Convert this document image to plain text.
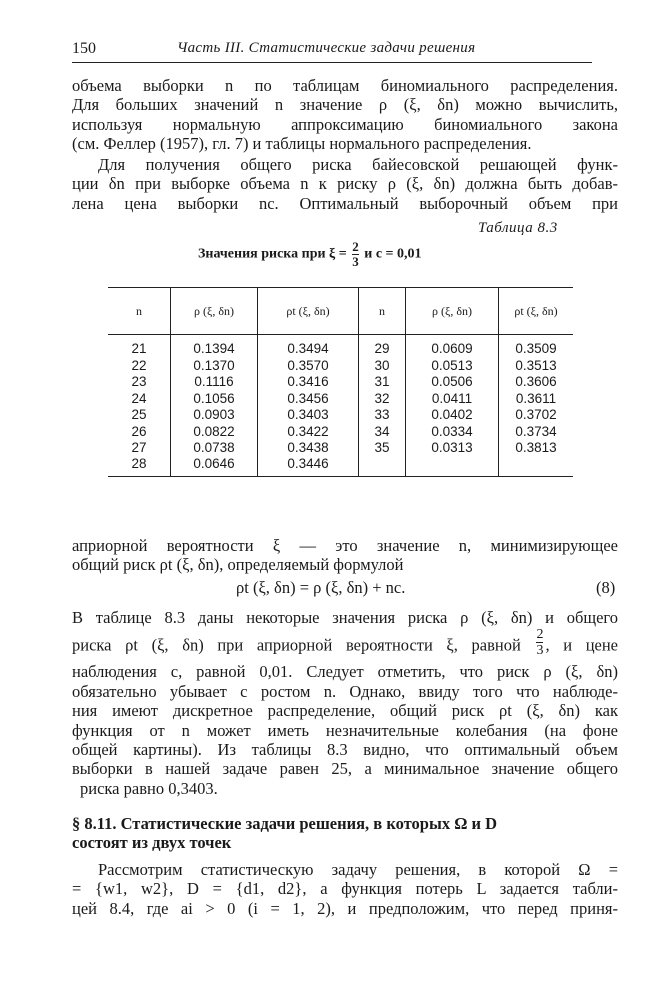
150	Часть III. Статистические задачи решения
объема выборки n по таблицам биномиального распределения.
Для больших значений n значение ρ (ξ, δn) можно вычислить,
используя нормальную аппроксимацию биномиального закона
(см. Феллер (1957), гл. 7) и таблицы нормального распределения.
Для получения общего риска байесовской решающей функ-
ции δn при выборке объема n к риску ρ (ξ, δn) должна быть добав-
лена цена выборки nc. Оптимальный выборочный объем при
Таблица 8.3
Значения риска при $\xi = \frac{2}{3}$ и c = 0,01
n	ρ (ξ, δn)	ρt (ξ, δn)	n	ρ (ξ, δn)	ρt (ξ, δn)
21	0.1394	0.3494	29	0.0609	0.3509
22	0.1370	0.3570	30	0.0513	0.3513
23	0.1116	0.3416	31	0.0506	0.3606
24	0.1056	0.3456	32	0.0411	0.3611
25	0.0903	0.3403	33	0.0402	0.3702
26	0.0822	0.3422	34	0.0334	0.3734
27	0.0738	0.3438	35	0.0313	0.3813
28	0.0646	0.3446			
априорной вероятности ξ — это значение n, минимизирующее
общий риск ρt (ξ, δn), определяемый формулой
ρt (ξ, δn) = ρ (ξ, δn) + nc.	(8)
В таблице 8.3 даны некоторые значения риска ρ (ξ, δn) и общего
риска ρt (ξ, δn) при априорной вероятности ξ, равной $\frac{2}{3}$ , и цене
наблюдения c, равной 0,01. Следует отметить, что риск ρ (ξ, δn)
обязательно убывает с ростом n. Однако, ввиду того что наблюде-
ния имеют дискретное распределение, общий риск ρt (ξ, δn) как
функция от n может иметь незначительные колебания (на фоне
общей картины). Из таблицы 8.3 видно, что оптимальный объем
выборки в нашей задаче равен 25, а минимальное значение общего
риска равно 0,3403.
§ 8.11. Статистические задачи решения, в которых Ω и D
состоят из двух точек
Рассмотрим статистическую задачу решения, в которой Ω =
= {w1, w2}, D = {d1, d2}, а функция потерь L задается табли-
цей 8.4, где ai > 0 (i = 1, 2), и предположим, что перед приня-
